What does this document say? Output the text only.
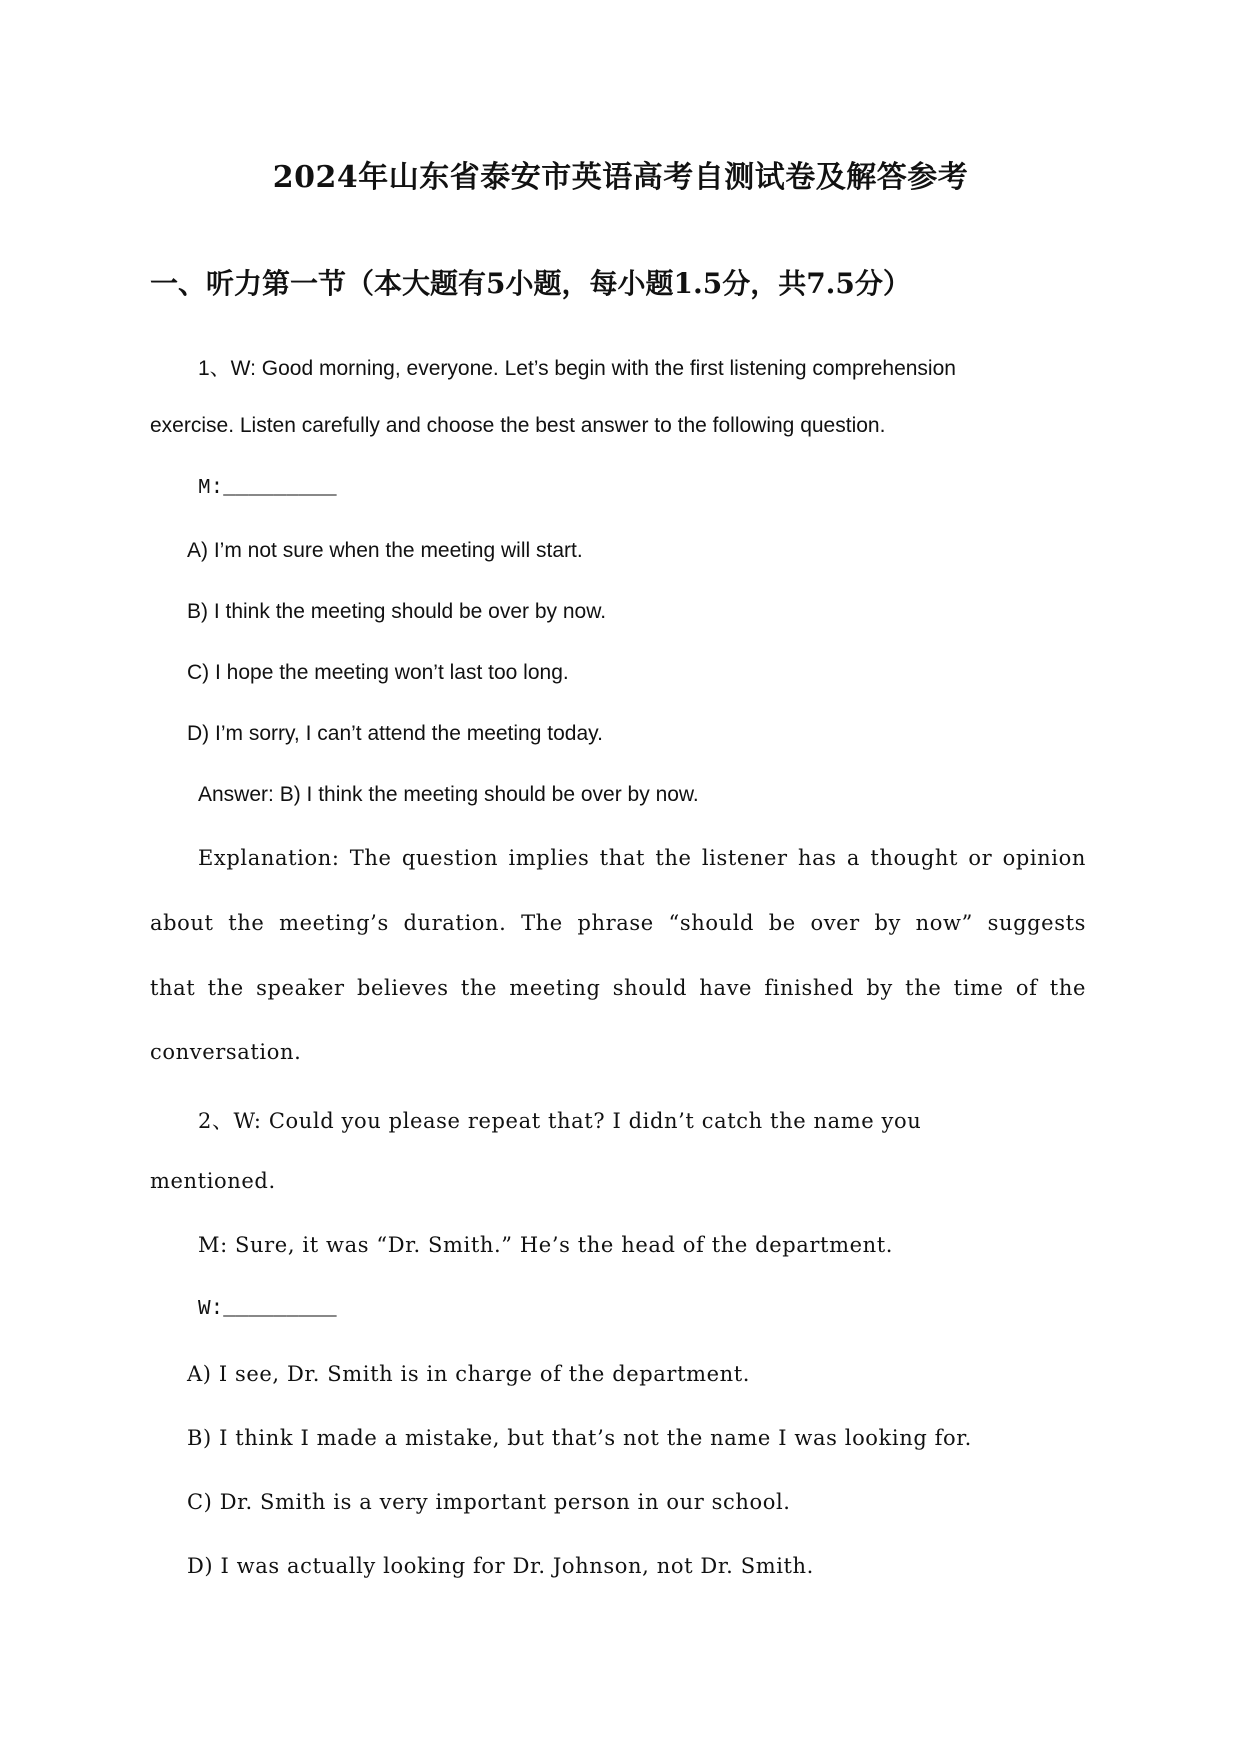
2024年山东省泰安市英语高考自测试卷及解答参考
一、听力第一节（本大题有5小题，每小题1.5分，共7.5分）
1、W: Good morning, everyone. Let’s begin with the first listening comprehension
exercise. Listen carefully and choose the best answer to the following question.
M:_________
A) I’m not sure when the meeting will start.
B) I think the meeting should be over by now.
C) I hope the meeting won’t last too long.
D) I’m sorry, I can’t attend the meeting today.
Answer: B) I think the meeting should be over by now.
Explanation: The question implies that the listener has a thought or opinion
about the meeting’s duration. The phrase “should be over by now” suggests
that the speaker believes the meeting should have finished by the time of the
conversation.
2、W: Could you please repeat that? I didn’t catch the name you
mentioned.
M: Sure, it was “Dr. Smith.” He’s the head of the department.
W:_________
A) I see, Dr. Smith is in charge of the department.
B) I think I made a mistake, but that’s not the name I was looking for.
C) Dr. Smith is a very important person in our school.
D) I was actually looking for Dr. Johnson, not Dr. Smith.
